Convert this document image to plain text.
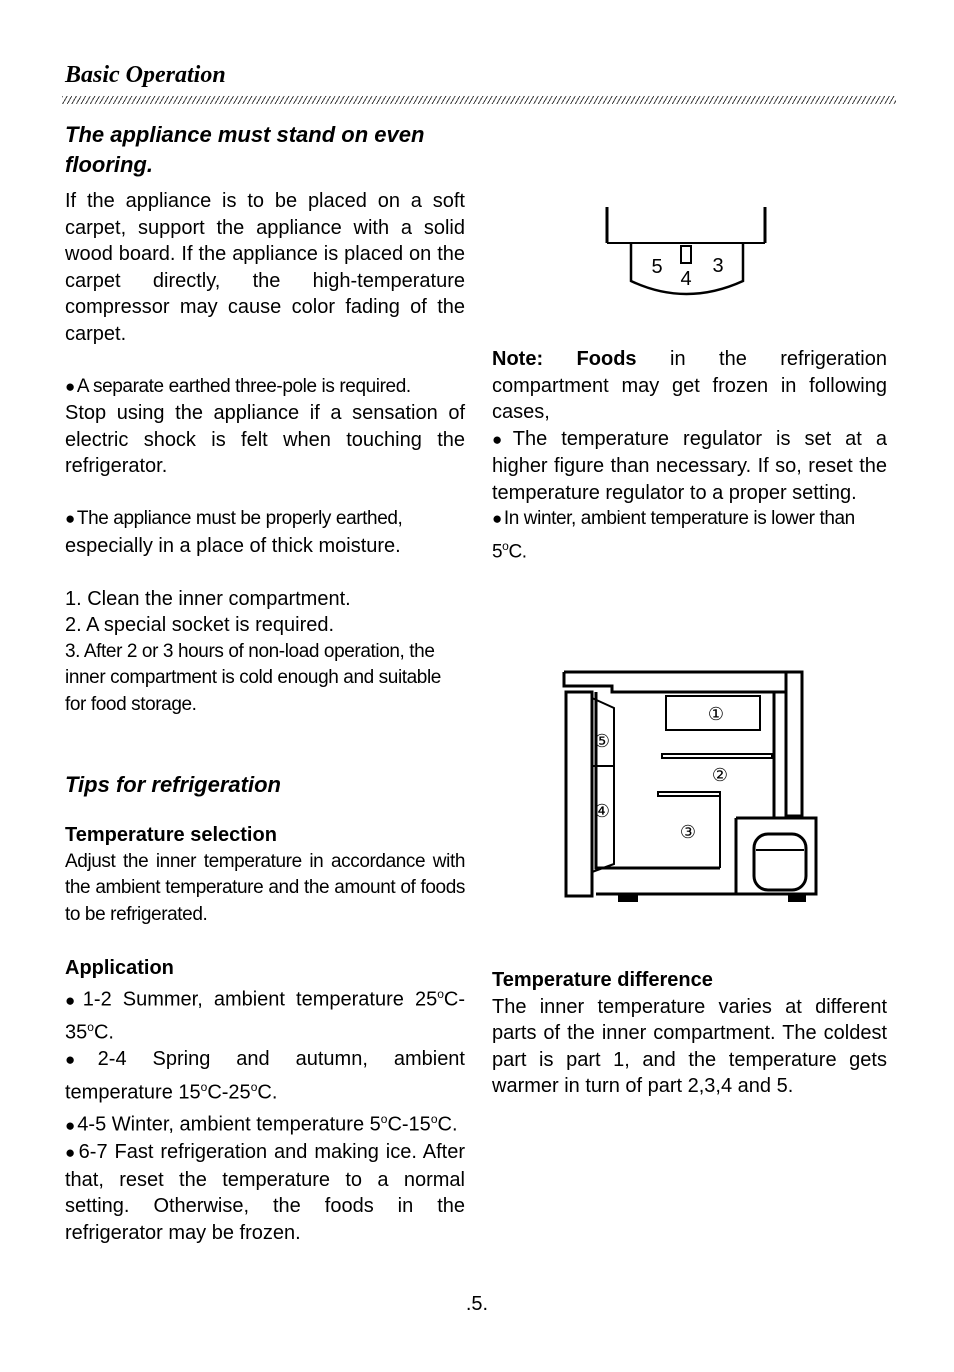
Basic Operation
The appliance must stand on even flooring.
If the appliance is to be placed on a soft carpet, support the appliance with a solid wood board. If the appliance is placed on the carpet directly, the high-temperature compressor may cause color fading of the carpet.
● A separate earthed three-pole is required.
Stop using the appliance if a sensation of electric shock is felt when touching the refrigerator.
● The appliance must be properly earthed,
especially in a place of thick moisture.
1. Clean the inner compartment.
2. A special socket is required.
3. After 2 or 3 hours of non-load operation, the inner compartment is cold enough and suitable for food storage.
Tips for refrigeration
Temperature selection
Adjust the inner temperature in accordance with the ambient temperature and the amount of foods to be refrigerated.
Application
● 1-2 Summer, ambient temperature 25$^o$C-35$^o$C.
● 2-4 Spring and autumn, ambient temperature 15$^o$C-25$^o$C.
● 4-5 Winter, ambient temperature 5$^o$C-15$^o$C.
● 6-7 Fast refrigeration and making ice. After that, reset the temperature to a normal setting. Otherwise, the foods in the refrigerator may be frozen.
5
4
3
Note: Foods in the refrigeration compartment may get frozen in following cases,
● The temperature regulator is set at a higher figure than necessary. If so, reset the temperature regulator to a proper setting.
● In winter, ambient temperature is lower than 5$^o$C.
①
②
③
④
⑤
Temperature difference
The inner temperature varies at different parts of the inner compartment. The coldest part is part 1, and the temperature gets warmer in turn of part 2,3,4 and 5.
.5.
